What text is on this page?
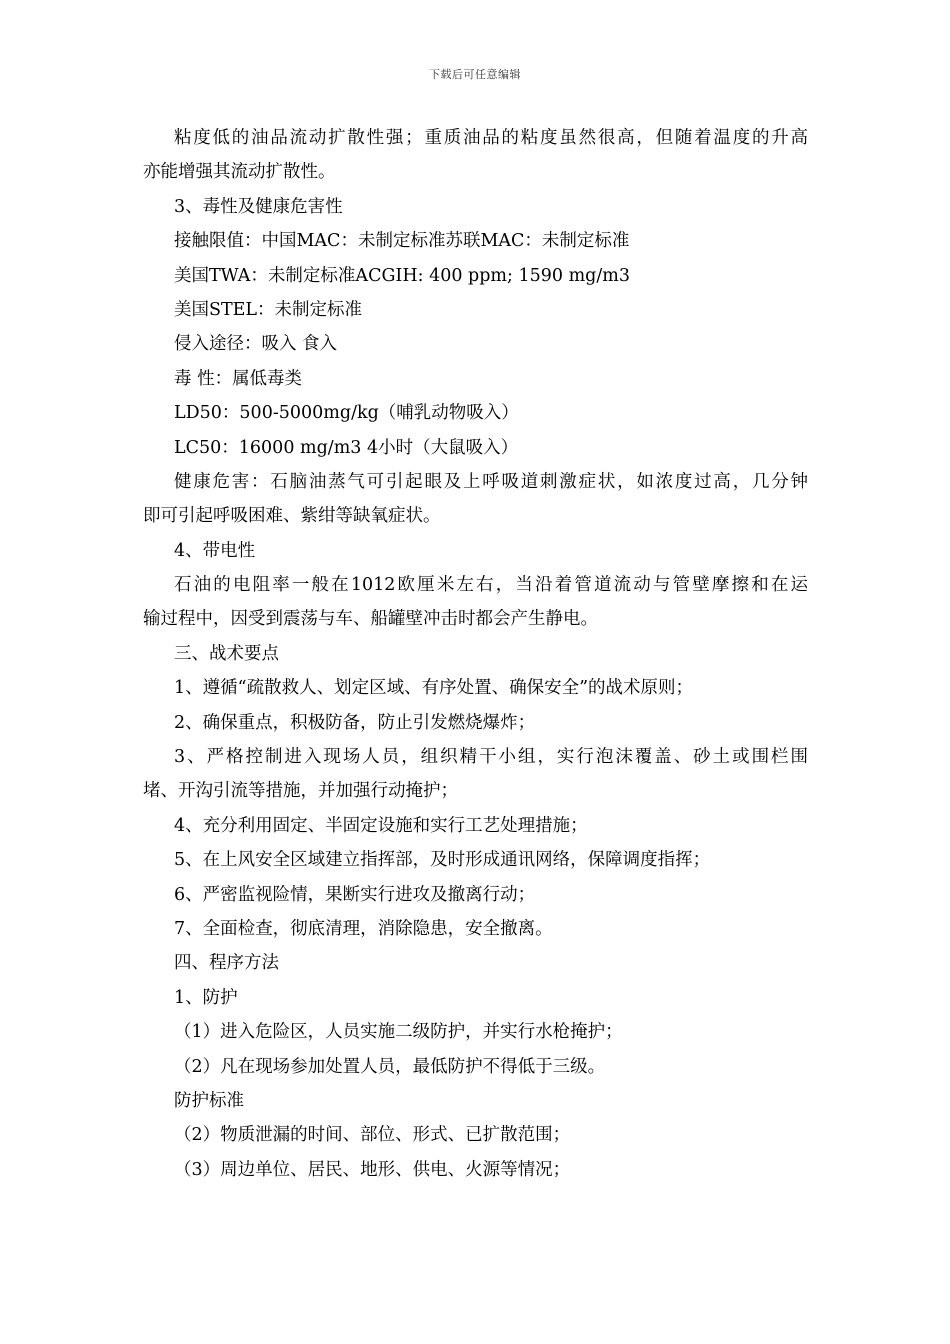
下载后可任意编辑
粘度低的油品流动扩散性强；重质油品的粘度虽然很高，但随着温度的升高
亦能增强其流动扩散性。
3、毒性及健康危害性
接触限值：中国MAC：未制定标准苏联MAC：未制定标准
美国TWA：未制定标准ACGIH: 400 ppm; 1590 mg/m3
美国STEL：未制定标准
侵入途径：吸入 食入
毒 性：属低毒类
LD50：500-5000mg/kg（哺乳动物吸入）
LC50：16000 mg/m3 4小时（大鼠吸入）
健康危害：石脑油蒸气可引起眼及上呼吸道刺激症状，如浓度过高，几分钟
即可引起呼吸困难、紫绀等缺氧症状。
4、带电性
石油的电阻率一般在1012欧厘米左右，当沿着管道流动与管壁摩擦和在运
输过程中，因受到震荡与车、船罐壁冲击时都会产生静电。
三、战术要点
1、遵循“疏散救人、划定区域、有序处置、确保安全”的战术原则；
2、确保重点，积极防备，防止引发燃烧爆炸；
3、严格控制进入现场人员，组织精干小组，实行泡沫覆盖、砂土或围栏围
堵、开沟引流等措施，并加强行动掩护；
4、充分利用固定、半固定设施和实行工艺处理措施；
5、在上风安全区域建立指挥部，及时形成通讯网络，保障调度指挥；
6、严密监视险情，果断实行进攻及撤离行动；
7、全面检查，彻底清理，消除隐患，安全撤离。
四、程序方法
1、防护
（1）进入危险区，人员实施二级防护，并实行水枪掩护；
（2）凡在现场参加处置人员，最低防护不得低于三级。
防护标准
（2）物质泄漏的时间、部位、形式、已扩散范围；
（3）周边单位、居民、地形、供电、火源等情况；
